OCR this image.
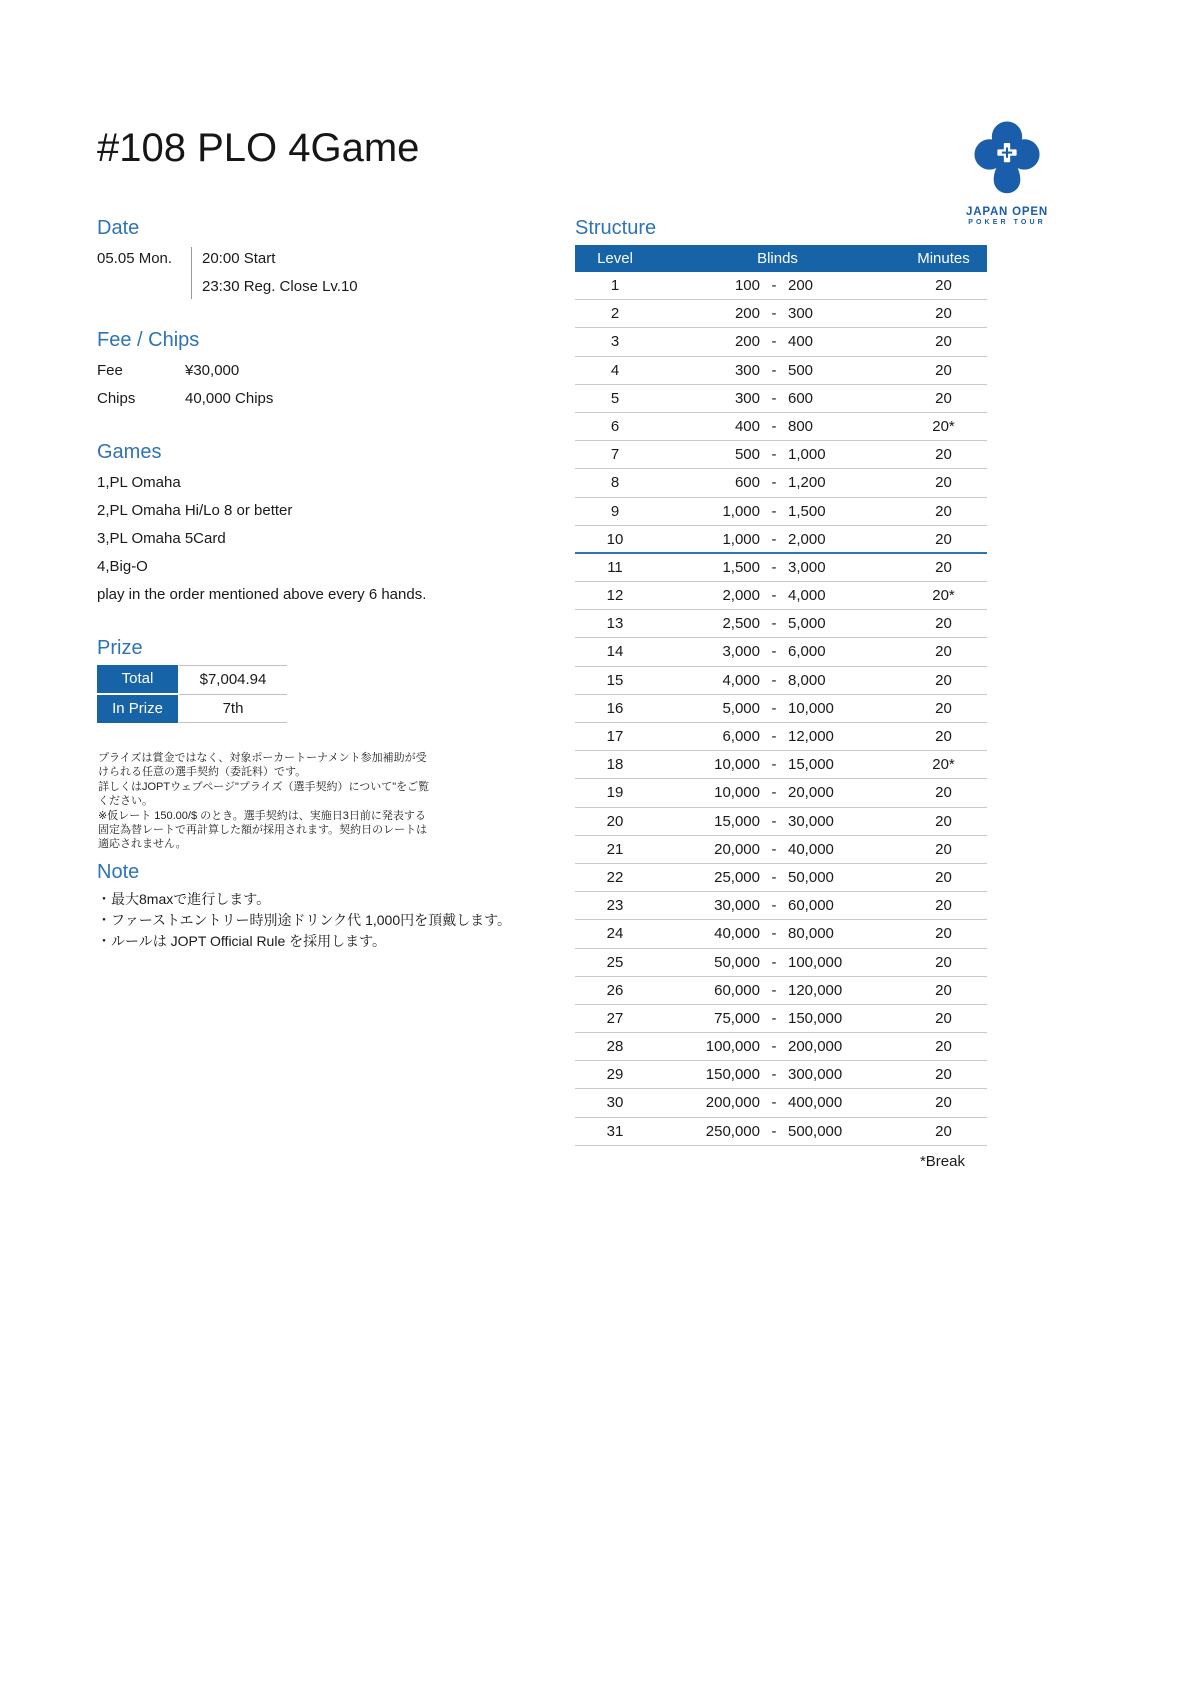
#108 PLO 4Game
JAPAN OPEN
POKER TOUR
Date
05.05 Mon.	20:00 Start
23:30 Reg. Close Lv.10
Fee / Chips
Fee	¥30,000
Chips	40,000 Chips
Games
1,PL Omaha
2,PL Omaha Hi/Lo 8 or better
3,PL Omaha 5Card
4,Big-O
play in the order mentioned above every 6 hands.
Prize
Total	$7,004.94
In Prize	7th
プライズは賞金ではなく、対象ポーカートーナメント参加補助が受けられる任意の選手契約（委託料）です。
詳しくはJOPTウェブページ"プライズ（選手契約）について"をご覧ください。
※仮レート 150.00/$ のとき。選手契約は、実施日3日前に発表する固定為替レートで再計算した額が採用されます。契約日のレートは適応されません。
Note
・最大8maxで進行します。
・ファーストエントリー時別途ドリンク代 1,000円を頂戴します。
・ルールは JOPT Official Rule を採用します。
Structure
Level	Blinds	Minutes
1	100 - 200	20
2	200 - 300	20
3	200 - 400	20
4	300 - 500	20
5	300 - 600	20
6	400 - 800	20*
7	500 - 1,000	20
8	600 - 1,200	20
9	1,000 - 1,500	20
10	1,000 - 2,000	20
11	1,500 - 3,000	20
12	2,000 - 4,000	20*
13	2,500 - 5,000	20
14	3,000 - 6,000	20
15	4,000 - 8,000	20
16	5,000 - 10,000	20
17	6,000 - 12,000	20
18	10,000 - 15,000	20*
19	10,000 - 20,000	20
20	15,000 - 30,000	20
21	20,000 - 40,000	20
22	25,000 - 50,000	20
23	30,000 - 60,000	20
24	40,000 - 80,000	20
25	50,000 - 100,000	20
26	60,000 - 120,000	20
27	75,000 - 150,000	20
28	100,000 - 200,000	20
29	150,000 - 300,000	20
30	200,000 - 400,000	20
31	250,000 - 500,000	20
*Break
